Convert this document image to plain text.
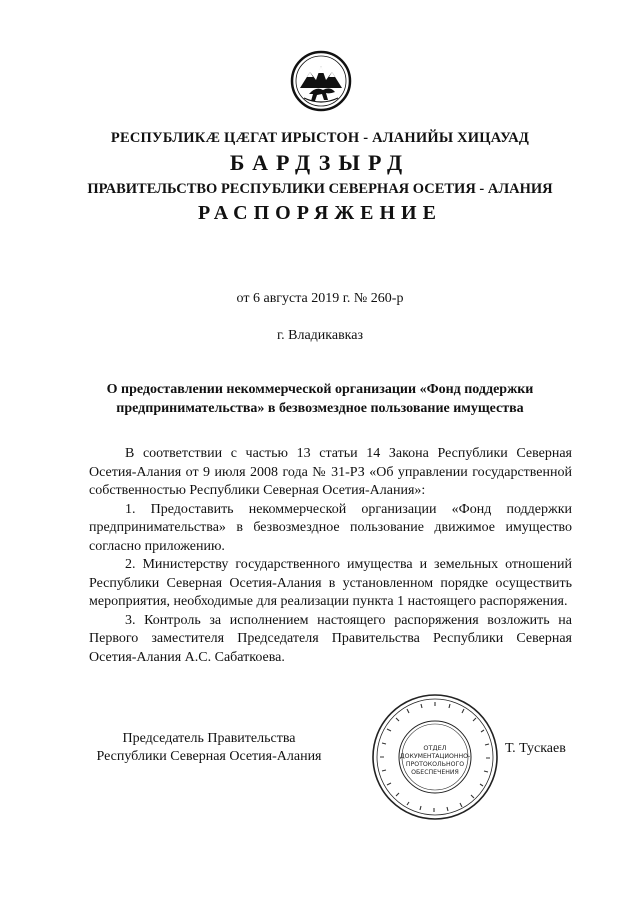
РЕСПУБЛИКÆ ЦÆГАТ ИРЫСТОН - АЛАНИЙЫ ХИЦАУАД
БАРДЗЫРД
ПРАВИТЕЛЬСТВО РЕСПУБЛИКИ СЕВЕРНАЯ ОСЕТИЯ - АЛАНИЯ
РАСПОРЯЖЕНИЕ
от 6 августа 2019 г. № 260-р
г. Владикавказ
О предоставлении некоммерческой организации «Фонд поддержки
предпринимательства» в безвозмездное пользование имущества

В соответствии с частью 13 статьи 14 Закона Республики Северная Осетия-Алания от 9 июля 2008 года № 31-РЗ «Об управлении государственной собственностью Республики Северная Осетия-Алания»:

1. Предоставить некоммерческой организации «Фонд поддержки предпринимательства» в безвозмездное пользование движимое имущество согласно приложению.

2. Министерству государственного имущества и земельных отношений Республики Северная Осетия-Алания в установленном порядке осуществить мероприятия, необходимые для реализации пункта 1 настоящего распоряжения.

3. Контроль за исполнением настоящего распоряжения возложить на Первого заместителя Председателя Правительства Республики Северная Осетия-Алания А.С. Сабаткоева.

Председатель Правительства
Республики Северная Осетия-Алания
ОТДЕЛ
ДОКУМЕНТАЦИОННО-
ПРОТОКОЛЬНОГО
ОБЕСПЕЧЕНИЯ
Т. Тускаев
